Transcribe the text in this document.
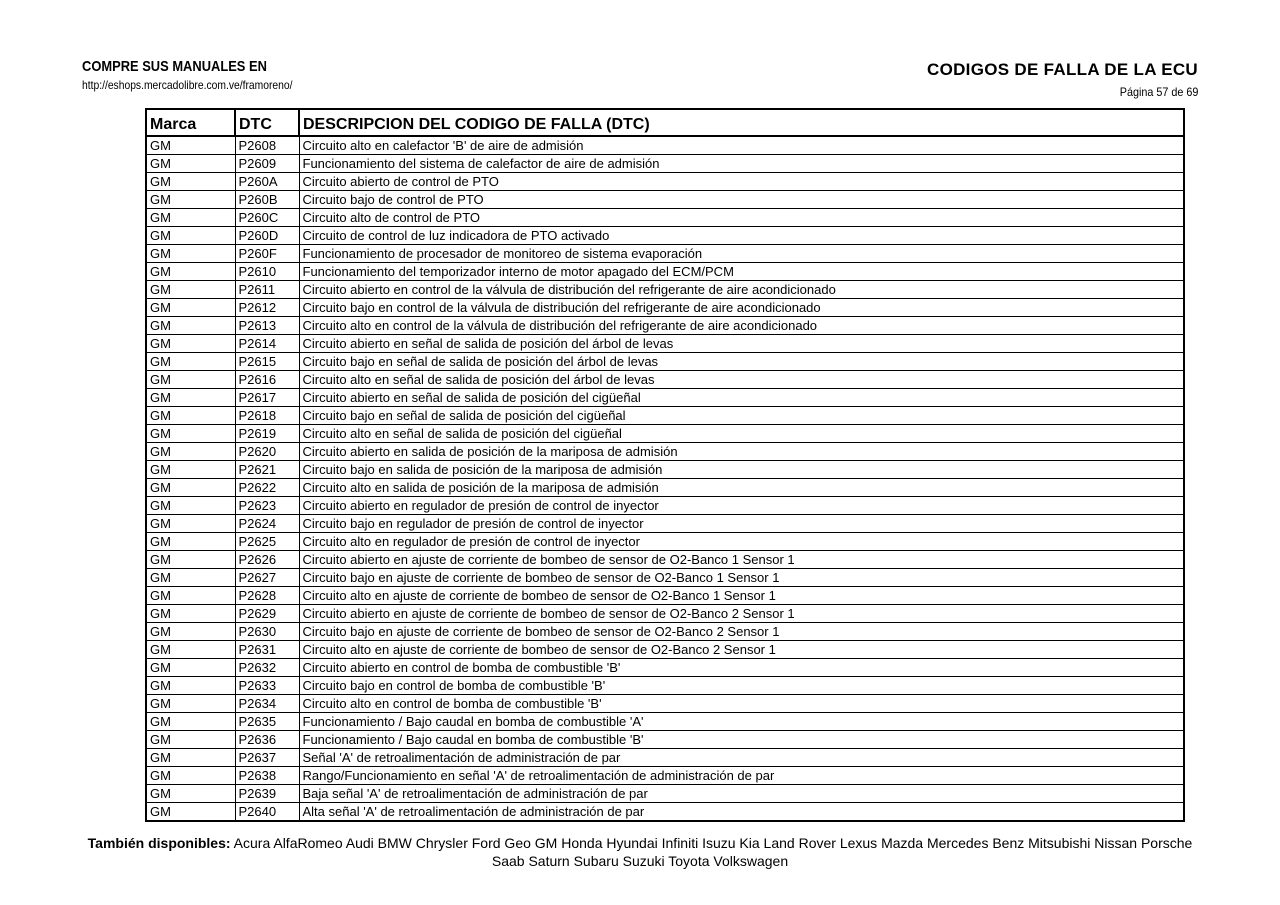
COMPRE SUS MANUALES EN
http://eshops.mercadolibre.com.ve/framoreno/
CODIGOS DE FALLA DE LA ECU
Página 57 de 69
Marca	DTC	DESCRIPCION DEL CODIGO DE FALLA (DTC)
GM	P2608	Circuito alto en calefactor 'B' de aire de admisión
GM	P2609	Funcionamiento del sistema de calefactor de aire de admisión
GM	P260A	Circuito abierto de control de PTO
GM	P260B	Circuito bajo de control de PTO
GM	P260C	Circuito alto de control de PTO
GM	P260D	Circuito de control de luz indicadora de PTO activado
GM	P260F	Funcionamiento de procesador de monitoreo de sistema evaporación
GM	P2610	Funcionamiento del temporizador interno de motor apagado del ECM/PCM
GM	P2611	Circuito abierto en control de la válvula de distribución del refrigerante de aire acondicionado
GM	P2612	Circuito bajo en control de la válvula de distribución del refrigerante de aire acondicionado
GM	P2613	Circuito alto en control de la válvula de distribución del refrigerante de aire acondicionado
GM	P2614	Circuito abierto en señal de salida de posición del árbol de levas
GM	P2615	Circuito bajo en señal de salida de posición del árbol de levas
GM	P2616	Circuito alto en señal de salida de posición del árbol de levas
GM	P2617	Circuito abierto en señal de salida de posición del cigüeñal
GM	P2618	Circuito bajo en señal de salida de posición del cigüeñal
GM	P2619	Circuito alto en señal de salida de posición del cigüeñal
GM	P2620	Circuito abierto en salida de posición de la mariposa de admisión
GM	P2621	Circuito bajo en salida de posición de la mariposa de admisión
GM	P2622	Circuito alto en salida de posición de la mariposa de admisión
GM	P2623	Circuito abierto en regulador de presión de control de inyector
GM	P2624	Circuito bajo en regulador de presión de control de inyector
GM	P2625	Circuito alto en regulador de presión de control de inyector
GM	P2626	Circuito abierto en ajuste de corriente de bombeo de sensor de O2-Banco 1 Sensor 1
GM	P2627	Circuito bajo en ajuste de corriente de bombeo de sensor de O2-Banco 1 Sensor 1
GM	P2628	Circuito alto en ajuste de corriente de bombeo de sensor de O2-Banco 1 Sensor 1
GM	P2629	Circuito abierto en ajuste de corriente de bombeo de sensor de O2-Banco 2 Sensor 1
GM	P2630	Circuito bajo en ajuste de corriente de bombeo de sensor de O2-Banco 2 Sensor 1
GM	P2631	Circuito alto en ajuste de corriente de bombeo de sensor de O2-Banco 2 Sensor 1
GM	P2632	Circuito abierto en control de bomba de combustible 'B'
GM	P2633	Circuito bajo en control de bomba de combustible 'B'
GM	P2634	Circuito alto en control de bomba de combustible 'B'
GM	P2635	Funcionamiento / Bajo caudal en bomba de combustible 'A'
GM	P2636	Funcionamiento / Bajo caudal en bomba de combustible 'B'
GM	P2637	Señal 'A' de retroalimentación de administración de par
GM	P2638	Rango/Funcionamiento en señal 'A' de retroalimentación de administración de par
GM	P2639	Baja señal 'A' de retroalimentación de administración de par
GM	P2640	Alta señal 'A' de retroalimentación de administración de par
También disponibles: Acura AlfaRomeo Audi BMW Chrysler Ford Geo GM Honda Hyundai Infiniti Isuzu Kia Land Rover Lexus Mazda Mercedes Benz Mitsubishi Nissan Porsche Saab Saturn Subaru Suzuki Toyota Volkswagen
